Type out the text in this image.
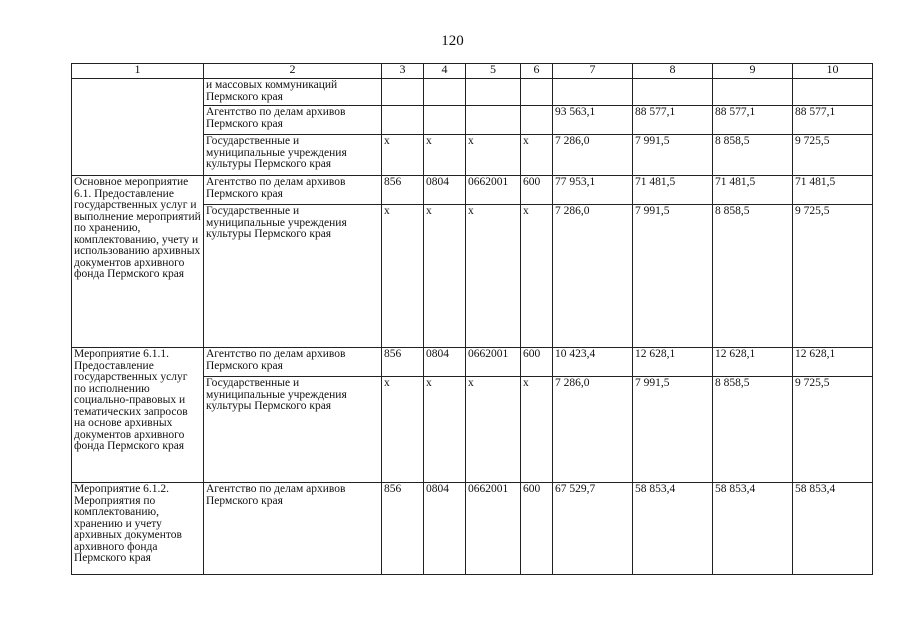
120
1	2	3	4	5	6	7	8	9	10
	и массовых коммуникаций Пермского края								
	Агентство по делам архивов Пермского края					93 563,1	88 577,1	88 577,1	88 577,1
	Государственные и муниципальные учреждения культуры Пермского края	х	х	х	х	7 286,0	7 991,5	8 858,5	9 725,5
Основное мероприятие 6.1. Предоставление государственных услуг и выполнение мероприятий по хранению, комплектованию, учету и использованию архивных документов архивного фонда Пермского края	Агентство по делам архивов Пермского края	856	0804	0662001	600	77 953,1	71 481,5	71 481,5	71 481,5
	Государственные и муниципальные учреждения культуры Пермского края	х	х	х	х	7 286,0	7 991,5	8 858,5	9 725,5
Мероприятие 6.1.1. Предоставление государственных услуг по исполнению социально-правовых и тематических запросов на основе архивных документов архивного фонда Пермского края	Агентство по делам архивов Пермского края	856	0804	0662001	600	10 423,4	12 628,1	12 628,1	12 628,1
	Государственные и муниципальные учреждения культуры Пермского края	х	х	х	х	7 286,0	7 991,5	8 858,5	9 725,5
Мероприятие 6.1.2. Мероприятия по комплектованию, хранению и учету архивных документов архивного фонда Пермского края	Агентство по делам архивов Пермского края	856	0804	0662001	600	67 529,7	58 853,4	58 853,4	58 853,4
